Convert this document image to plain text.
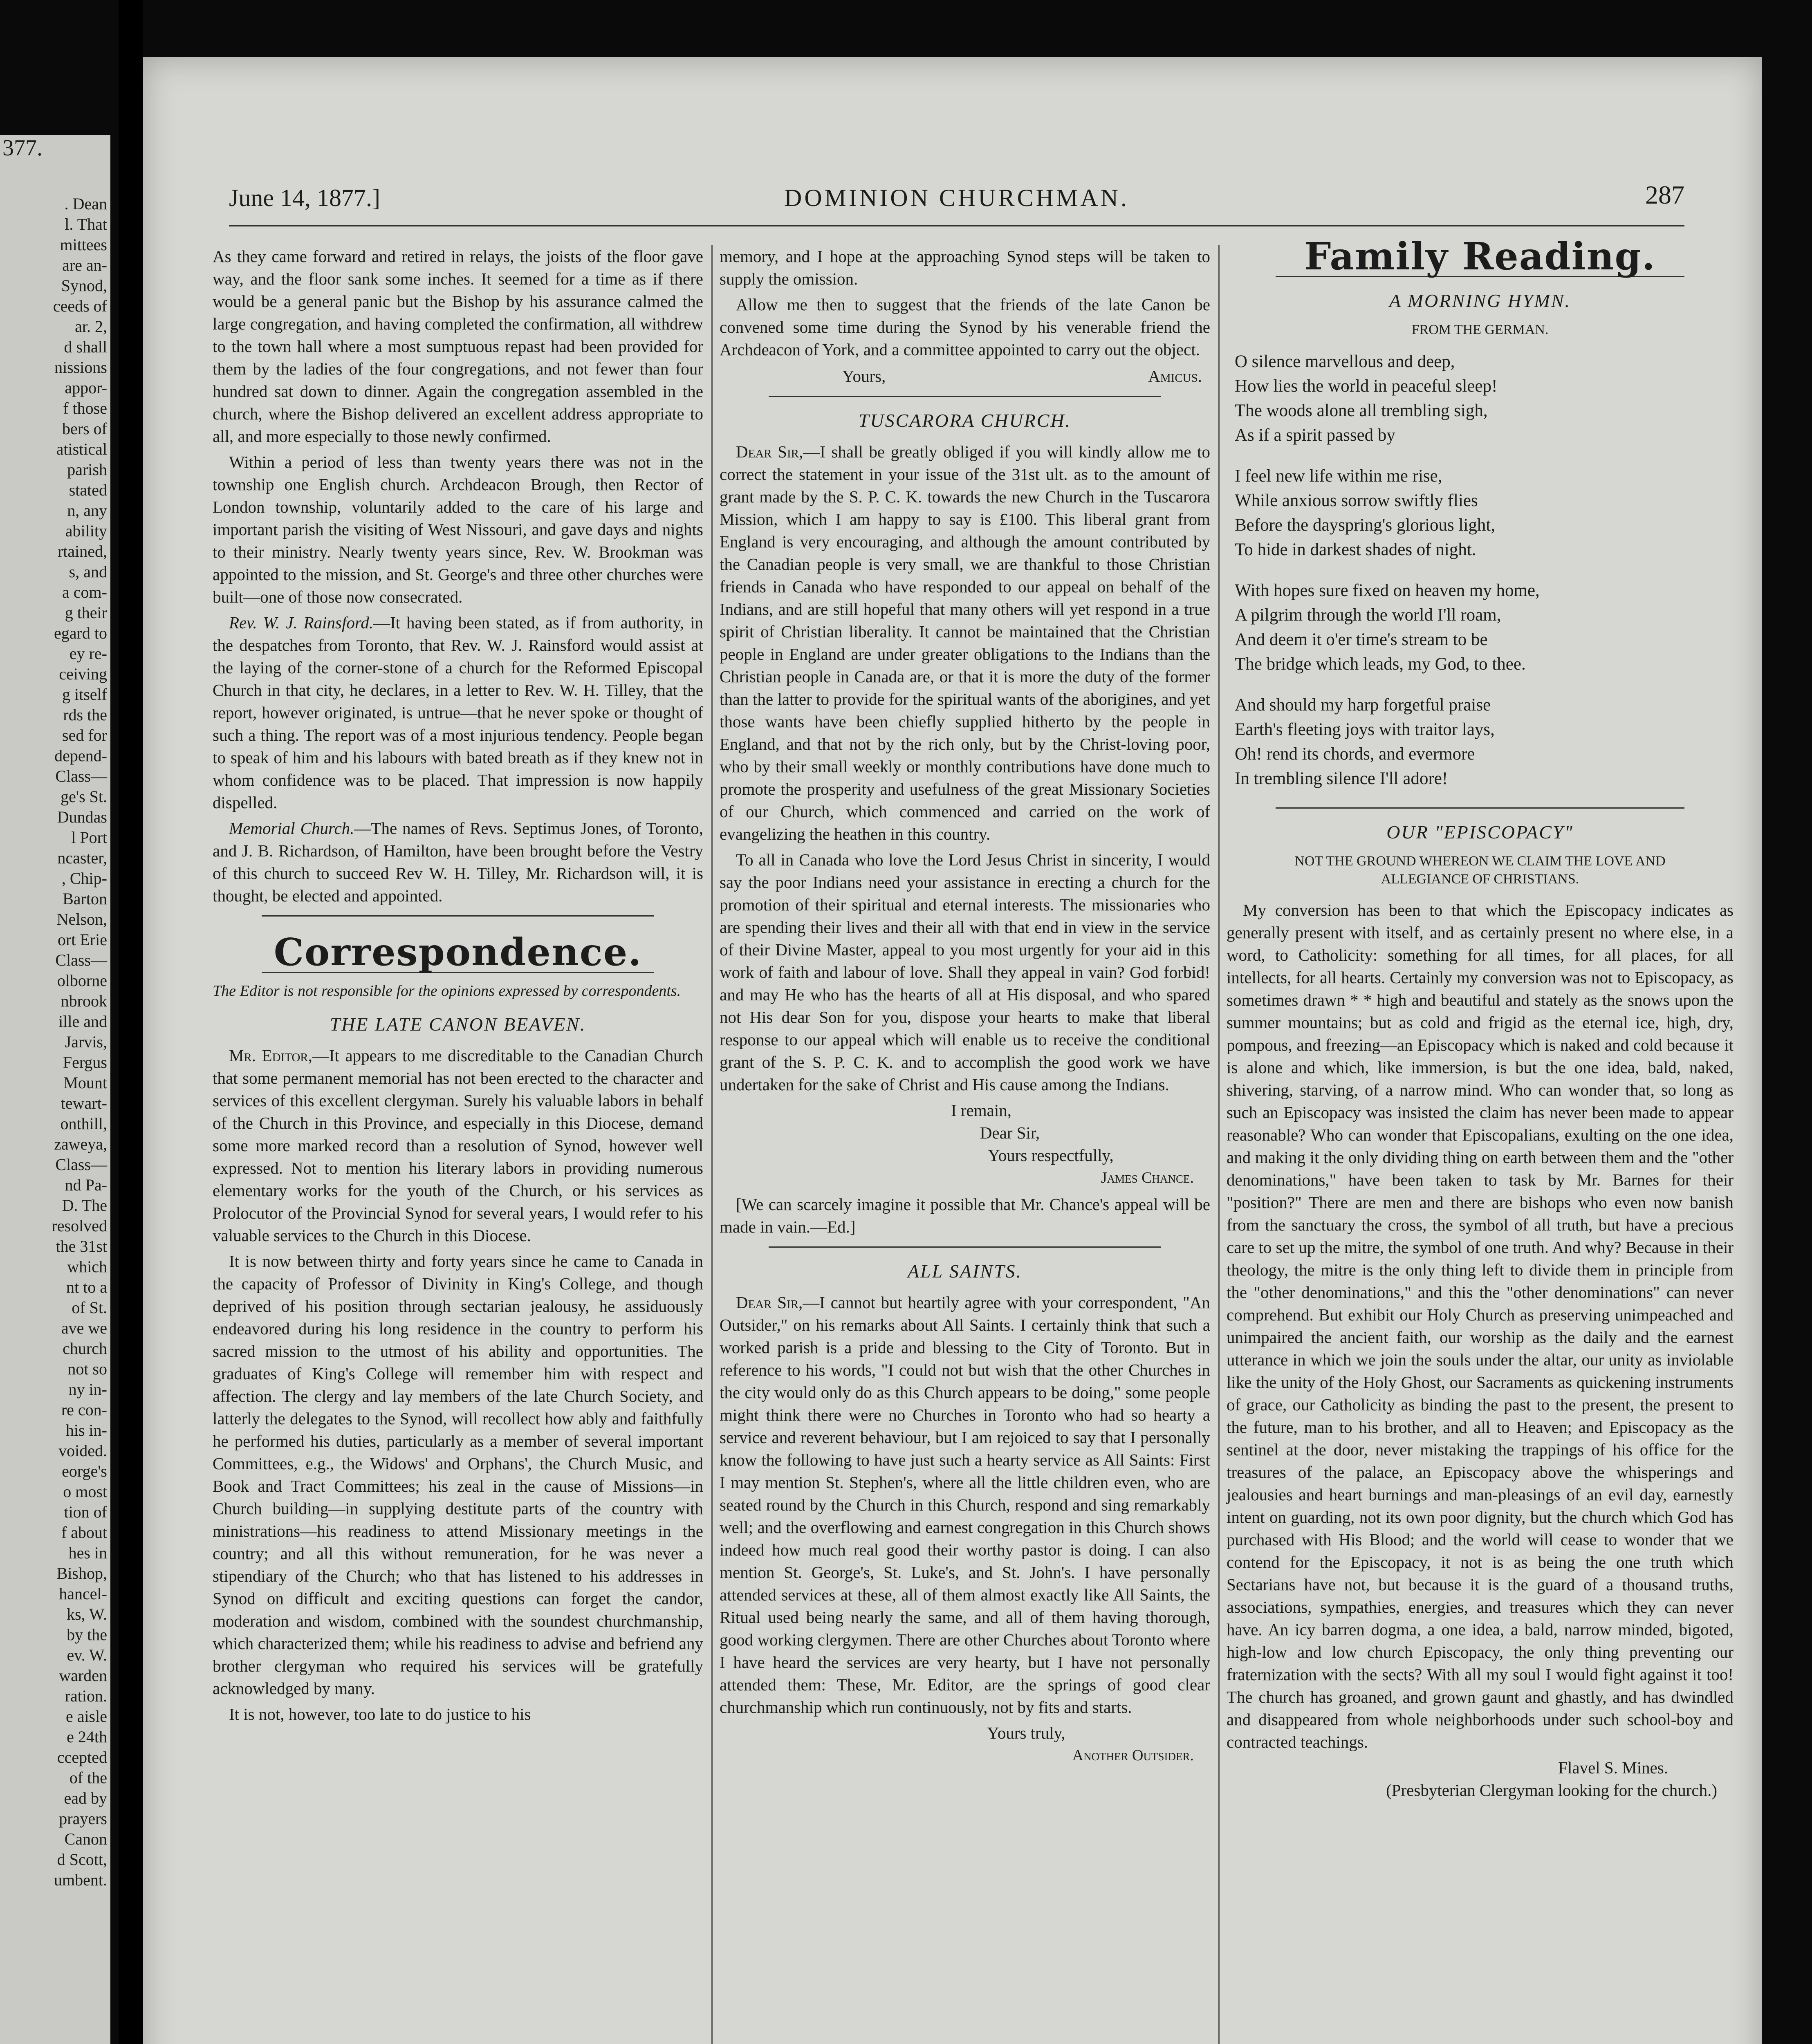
377.
. Dean
l. That
mittees
are an-
Synod,
ceeds of
ar. 2,
d shall
nissions
appor-
f those
bers of
atistical
parish
stated
n, any
ability
rtained,
s, and
a com-
g their
egard to
ey re-
ceiving
g itself
rds the
sed for
depend-
Class—
ge's St.
Dundas
l Port
ncaster,
, Chip-
Barton
Nelson,
ort Erie
Class—
olborne
nbrook
ille and
Jarvis,
Fergus
Mount
tewart-
onthill,
zaweya,
Class—
nd Pa-
D. The
resolved
the 31st
which
nt to a
of St.
ave we
church
not so
ny in-
re con-
his in-
voided.
eorge's
o most
tion of
f about
hes in
Bishop,
hancel-
ks, W.
by the
ev. W.
warden
ration.
e aisle
e 24th
ccepted
of the
ead by
prayers
Canon
d Scott,
umbent.
June 14, 1877.]	DOMINION CHURCHMAN.	287

As they came forward and retired in relays, the joists of the floor gave way, and the floor sank some inches. It seemed for a time as if there would be a general panic but the Bishop by his assurance calmed the large congregation, and having completed the confirmation, all withdrew to the town hall where a most sumptuous repast had been provided for them by the ladies of the four congregations, and not fewer than four hundred sat down to dinner. Again the congregation assembled in the church, where the Bishop delivered an excellent address appropriate to all, and more especially to those newly confirmed.

Within a period of less than twenty years there was not in the township one English church. Archdeacon Brough, then Rector of London township, voluntarily added to the care of his large and important parish the visiting of West Nissouri, and gave days and nights to their ministry. Nearly twenty years since, Rev. W. Brookman was appointed to the mission, and St. George's and three other churches were built—one of those now consecrated.

Rev. W. J. Rainsford.—It having been stated, as if from authority, in the despatches from Toronto, that Rev. W. J. Rainsford would assist at the laying of the corner-stone of a church for the Reformed Episcopal Church in that city, he declares, in a letter to Rev. W. H. Tilley, that the report, however originated, is untrue—that he never spoke or thought of such a thing. The report was of a most injurious tendency. People began to speak of him and his labours with bated breath as if they knew not in whom confidence was to be placed. That impression is now happily dispelled.

Memorial Church.—The names of Revs. Septimus Jones, of Toronto, and J. B. Richardson, of Hamilton, have been brought before the Vestry of this church to succeed Rev W. H. Tilley, Mr. Richardson will, it is thought, be elected and appointed.

Correspondence.
The Editor is not responsible for the opinions expressed by correspondents.
THE LATE CANON BEAVEN.

Mr. Editor,—It appears to me discreditable to the Canadian Church that some permanent memorial has not been erected to the character and services of this excellent clergyman. Surely his valuable labors in behalf of the Church in this Province, and especially in this Diocese, demand some more marked record than a resolution of Synod, however well expressed. Not to mention his literary labors in providing numerous elementary works for the youth of the Church, or his services as Prolocutor of the Provincial Synod for several years, I would refer to his valuable services to the Church in this Diocese.

It is now between thirty and forty years since he came to Canada in the capacity of Professor of Divinity in King's College, and though deprived of his position through sectarian jealousy, he assiduously endeavored during his long residence in the country to perform his sacred mission to the utmost of his ability and opportunities. The graduates of King's College will remember him with respect and affection. The clergy and lay members of the late Church Society, and latterly the delegates to the Synod, will recollect how ably and faithfully he performed his duties, particularly as a member of several important Committees, e.g., the Widows' and Orphans', the Church Music, and Book and Tract Committees; his zeal in the cause of Missions—in Church building—in supplying destitute parts of the country with ministrations—his readiness to attend Missionary meetings in the country; and all this without remuneration, for he was never a stipendiary of the Church; who that has listened to his addresses in Synod on difficult and exciting questions can forget the candor, moderation and wisdom, combined with the soundest churchmanship, which characterized them; while his readiness to advise and befriend any brother clergyman who required his services will be gratefully acknowledged by many.

It is not, however, too late to do justice to his

memory, and I hope at the approaching Synod steps will be taken to supply the omission.

Allow me then to suggest that the friends of the late Canon be convened some time during the Synod by his venerable friend the Archdeacon of York, and a committee appointed to carry out the object.

Yours,	Amicus.
TUSCARORA CHURCH.

Dear Sir,—I shall be greatly obliged if you will kindly allow me to correct the statement in your issue of the 31st ult. as to the amount of grant made by the S. P. C. K. towards the new Church in the Tuscarora Mission, which I am happy to say is £100. This liberal grant from England is very encouraging, and although the amount contributed by the Canadian people is very small, we are thankful to those Christian friends in Canada who have responded to our appeal on behalf of the Indians, and are still hopeful that many others will yet respond in a true spirit of Christian liberality. It cannot be maintained that the Christian people in England are under greater obligations to the Indians than the Christian people in Canada are, or that it is more the duty of the former than the latter to provide for the spiritual wants of the aborigines, and yet those wants have been chiefly supplied hitherto by the people in England, and that not by the rich only, but by the Christ-loving poor, who by their small weekly or monthly contributions have done much to promote the prosperity and usefulness of the great Missionary Societies of our Church, which commenced and carried on the work of evangelizing the heathen in this country.

To all in Canada who love the Lord Jesus Christ in sincerity, I would say the poor Indians need your assistance in erecting a church for the promotion of their spiritual and eternal interests. The missionaries who are spending their lives and their all with that end in view in the service of their Divine Master, appeal to you most urgently for your aid in this work of faith and labour of love. Shall they appeal in vain? God forbid! and may He who has the hearts of all at His disposal, and who spared not His dear Son for you, dispose your hearts to make that liberal response to our appeal which will enable us to receive the conditional grant of the S. P. C. K. and to accomplish the good work we have undertaken for the sake of Christ and His cause among the Indians.

I remain,
Dear Sir,
Yours respectfully,
James Chance.

[We can scarcely imagine it possible that Mr. Chance's appeal will be made in vain.—Ed.]

ALL SAINTS.

Dear Sir,—I cannot but heartily agree with your correspondent, "An Outsider," on his remarks about All Saints. I certainly think that such a worked parish is a pride and blessing to the City of Toronto. But in reference to his words, "I could not but wish that the other Churches in the city would only do as this Church appears to be doing," some people might think there were no Churches in Toronto who had so hearty a service and reverent behaviour, but I am rejoiced to say that I personally know the following to have just such a hearty service as All Saints: First I may mention St. Stephen's, where all the little children even, who are seated round by the Church in this Church, respond and sing remarkably well; and the overflowing and earnest congregation in this Church shows indeed how much real good their worthy pastor is doing. I can also mention St. George's, St. Luke's, and St. John's. I have personally attended services at these, all of them almost exactly like All Saints, the Ritual used being nearly the same, and all of them having thorough, good working clergymen. There are other Churches about Toronto where I have heard the services are very hearty, but I have not personally attended them: These, Mr. Editor, are the springs of good clear churchmanship which run continuously, not by fits and starts.

Yours truly,
Another Outsider.
Family Reading.
A MORNING HYMN.
FROM THE GERMAN.
O silence marvellous and deep,
How lies the world in peaceful sleep!
The woods alone all trembling sigh,
As if a spirit passed by
I feel new life within me rise,
While anxious sorrow swiftly flies
Before the dayspring's glorious light,
To hide in darkest shades of night.
With hopes sure fixed on heaven my home,
A pilgrim through the world I'll roam,
And deem it o'er time's stream to be
The bridge which leads, my God, to thee.
And should my harp forgetful praise
Earth's fleeting joys with traitor lays,
Oh! rend its chords, and evermore
In trembling silence I'll adore!
OUR "EPISCOPACY"
NOT THE GROUND WHEREON WE CLAIM THE LOVE AND ALLEGIANCE OF CHRISTIANS.

My conversion has been to that which the Episcopacy indicates as generally present with itself, and as certainly present no where else, in a word, to Catholicity: something for all times, for all places, for all intellects, for all hearts. Certainly my conversion was not to Episcopacy, as sometimes drawn * * high and beautiful and stately as the snows upon the summer mountains; but as cold and frigid as the eternal ice, high, dry, pompous, and freezing—an Episcopacy which is naked and cold because it is alone and which, like immersion, is but the one idea, bald, naked, shivering, starving, of a narrow mind. Who can wonder that, so long as such an Episcopacy was insisted the claim has never been made to appear reasonable? Who can wonder that Episcopalians, exulting on the one idea, and making it the only dividing thing on earth between them and the "other denominations," have been taken to task by Mr. Barnes for their "position?" There are men and there are bishops who even now banish from the sanctuary the cross, the symbol of all truth, but have a precious care to set up the mitre, the symbol of one truth. And why? Because in their theology, the mitre is the only thing left to divide them in principle from the "other denominations," and this the "other denominations" can never comprehend. But exhibit our Holy Church as preserving unimpeached and unimpaired the ancient faith, our worship as the daily and the earnest utterance in which we join the souls under the altar, our unity as inviolable like the unity of the Holy Ghost, our Sacraments as quickening instruments of grace, our Catholicity as binding the past to the present, the present to the future, man to his brother, and all to Heaven; and Episcopacy as the sentinel at the door, never mistaking the trappings of his office for the treasures of the palace, an Episcopacy above the whisperings and jealousies and heart burnings and man-pleasings of an evil day, earnestly intent on guarding, not its own poor dignity, but the church which God has purchased with His Blood; and the world will cease to wonder that we contend for the Episcopacy, it not is as being the one truth which Sectarians have not, but because it is the guard of a thousand truths, associations, sympathies, energies, and treasures which they can never have. An icy barren dogma, a one idea, a bald, narrow minded, bigoted, high-low and low church Episcopacy, the only thing preventing our fraternization with the sects? With all my soul I would fight against it too! The church has groaned, and grown gaunt and ghastly, and has dwindled and disappeared from whole neighborhoods under such school-boy and contracted teachings.

Flavel S. Mines.
(Presbyterian Clergyman looking for the church.)
